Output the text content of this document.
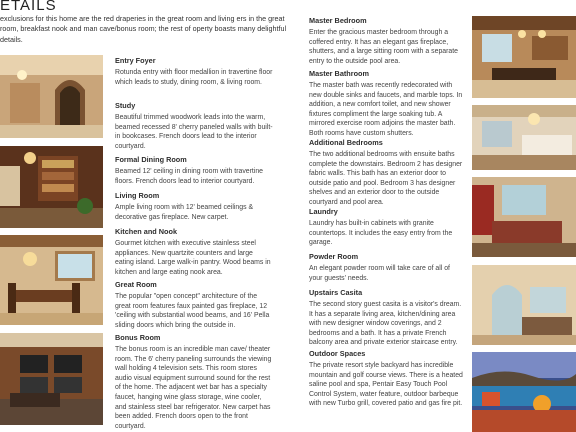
ETAILS

exclusions for this home are the red draperies in the great room and living ers in the great room, breakfast nook and man cave/bonus room; the rest of operty boasts many delightful details.

Entry Foyer

Rotunda entry with floor medallion in travertine floor which leads to study, dining room, & living room.

Study

Beautiful trimmed woodwork leads into the warm, beamed recessed 8' cherry paneled walls with built-in bookcases. French doors lead to the interior courtyard.

Formal Dining Room

Beamed 12' ceiling in dining room with travertine floors. French doors lead to interior courtyard.

Living Room

Ample living room with 12' beamed ceilings & decorative gas fireplace. New carpet.

Kitchen and Nook

Gourmet kitchen with executive stainless steel appliances. New quartzite counters and large eating island. Large walk-in pantry. Wood beams in kitchen and large eating nook area.

Great Room

The popular "open concept" architecture of the great room features faux painted gas fireplace, 12 'ceiling with substantial wood beams, and 16' Pella sliding doors which bring the outside in.

Bonus Room

The bonus room is an incredible man cave/ theater room. The 6' cherry paneling surrounds the viewing wall holding 4 television sets. This room stores audio visual equipment surround sound for the rest of the home. The adjacent wet bar has a specialty faucet, hanging wine glass storage, wine cooler, and stainless steel bar refrigerator. New carpet has been added. French doors open to the front courtyard.

Master Bedroom

Enter the gracious master bedroom through a coffered entry. It has an elegant gas fireplace, shutters, and a large sitting room with a separate entry to the outside pool area.

Master Bathroom

The master bath was recently redecorated with new double sinks and faucets, and marble tops. In addition, a new comfort toilet, and new shower fixtures compliment the large soaking tub. A mirrored exercise room adjoins the master bath. Both rooms have custom shutters.

Additional Bedrooms

The two additional bedrooms with ensuite baths complete the downstairs. Bedroom 2 has designer fabric walls. This bath has an exterior door to outside patio and pool. Bedroom 3 has designer shelves and an exterior door to the outside courtyard and pool area.

Laundry

Laundry has built-in cabinets with granite countertops. It includes the easy entry from the garage.

Powder Room

An elegant powder room will take care of all of your guests' needs.

Upstairs Casita

The second story guest casita is a visitor's dream. It has a separate living area, kitchen/dining area with new designer window coverings, and 2 bedrooms and a bath. It has a private French balcony area and private exterior staircase entry.

Outdoor Spaces

The private resort style backyard has incredible mountain and golf course views. There is a heated saline pool and spa, Pentair Easy Touch Pool Control System, water feature, outdoor barbeque with new Turbo grill, covered patio and gas fire pit.
